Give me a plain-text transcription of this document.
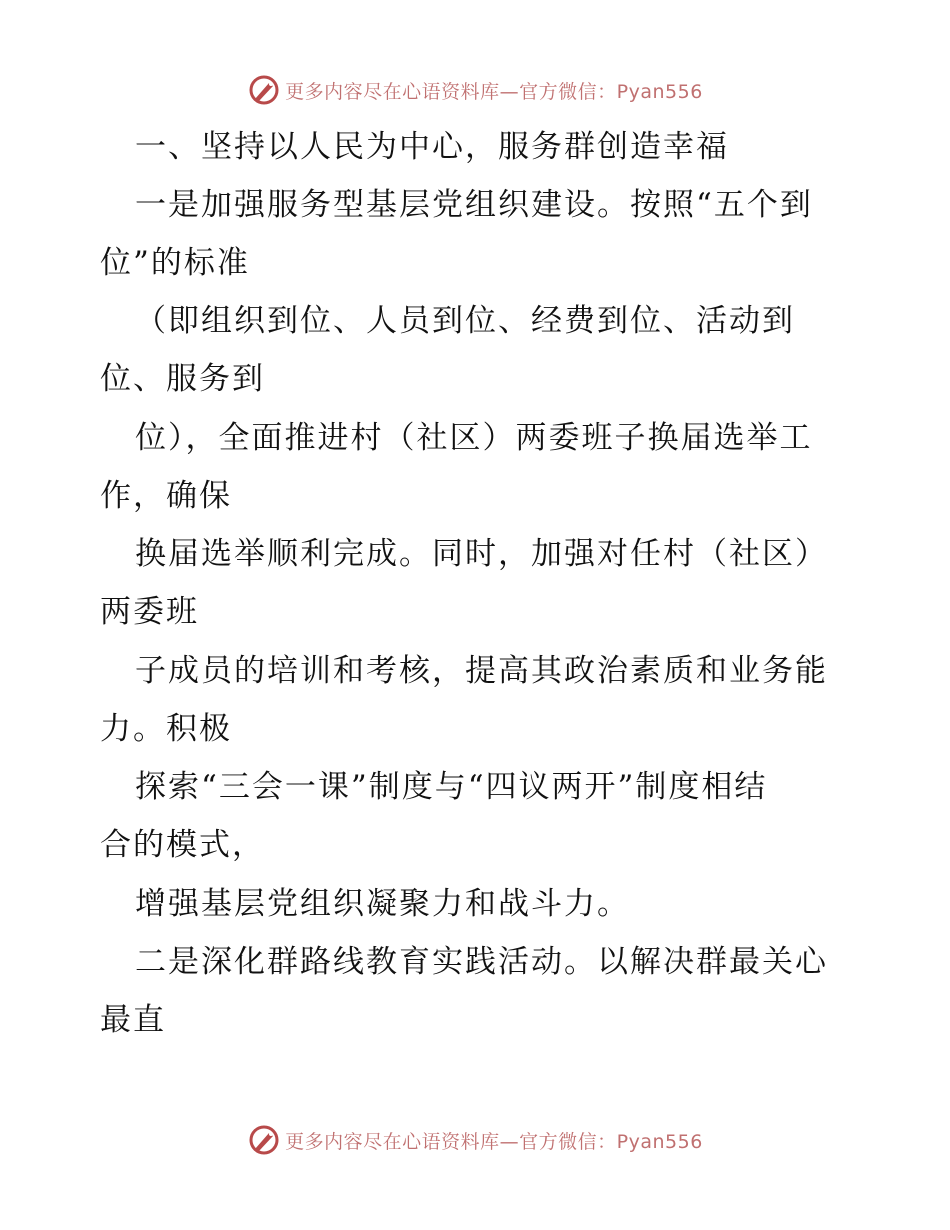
更多内容尽在心语资料库—官方微信：Pyan556
一、坚持以人民为中心，服务群创造幸福
一是加强服务型基层党组织建设。按照“五个到
位”的标准
（即组织到位、人员到位、经费到位、活动到
位、服务到
位），全面推进村（社区）两委班子换届选举工
作，确保
换届选举顺利完成。同时，加强对任村（社区）
两委班
子成员的培训和考核，提高其政治素质和业务能
力。积极
探索“三会一课”制度与“四议两开”制度相结
合的模式，
增强基层党组织凝聚力和战斗力。
二是深化群路线教育实践活动。以解决群最关心
最直
更多内容尽在心语资料库—官方微信：Pyan556
